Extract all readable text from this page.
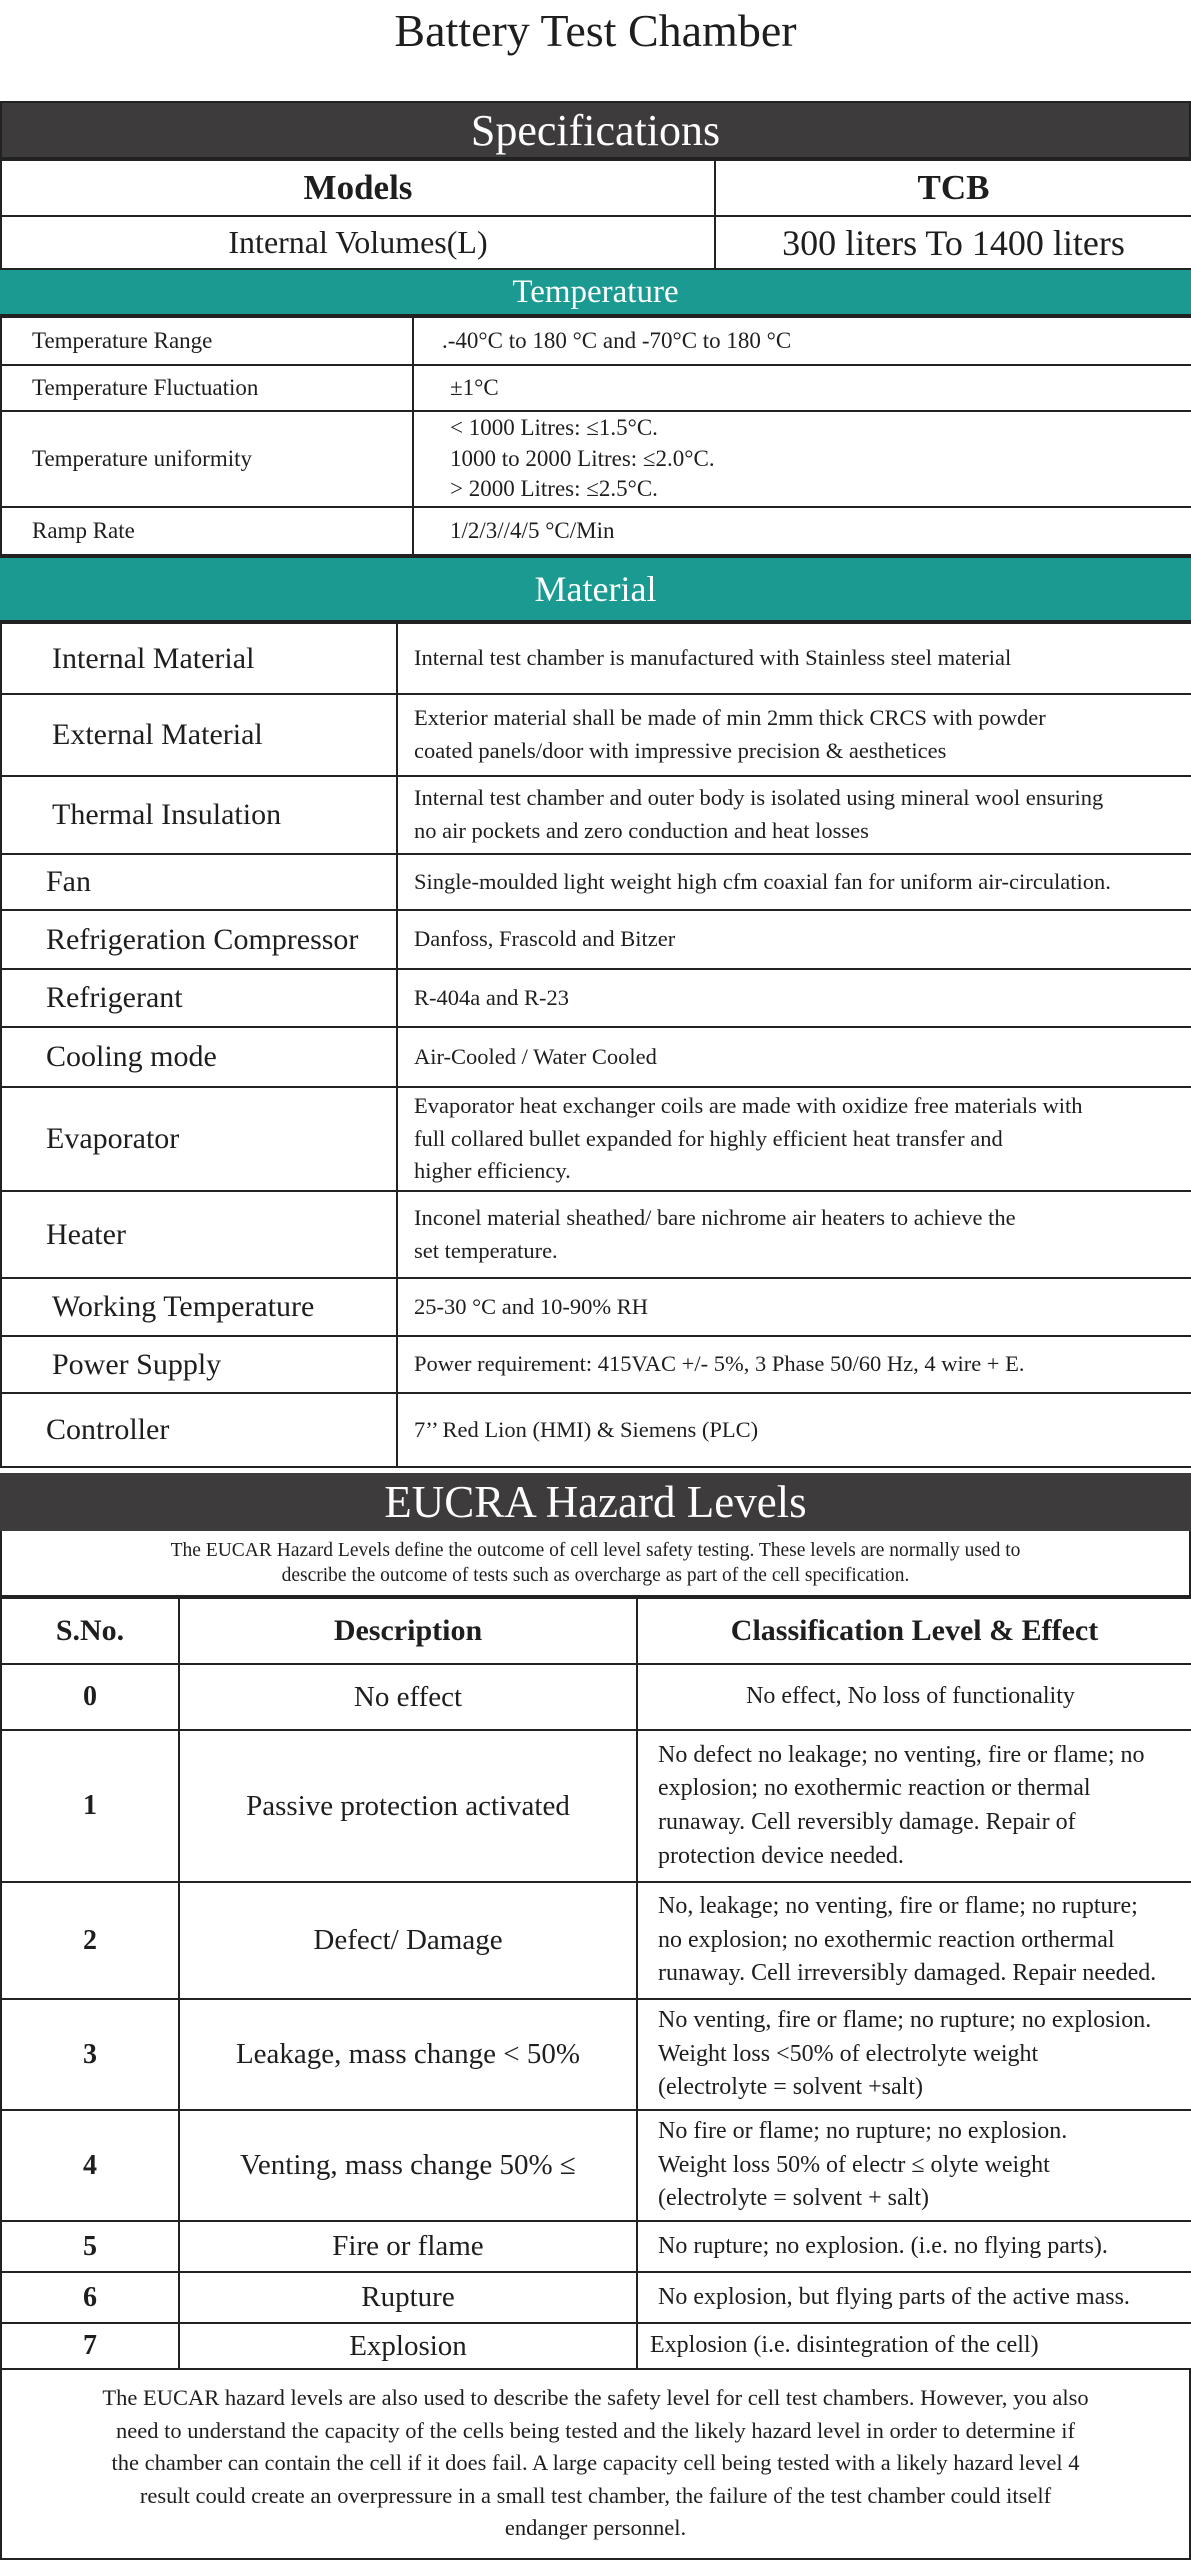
Battery Test Chamber
Specifications
Models	TCB
Internal Volumes(L)	300 liters To 1400 liters
Temperature
Temperature Range	.-40°C to 180 °C and -70°C to 180 °C
Temperature Fluctuation	±1°C
Temperature uniformity	< 1000 Litres: ≤1.5°C.
1000 to 2000 Litres: ≤2.0°C.
> 2000 Litres: ≤2.5°C.

Ramp Rate	1/2/3//4/5 °C/Min
Material
Internal Material	Internal test chamber is manufactured with Stainless steel material

External Material	Exterior material shall be made of min 2mm thick CRCS with powder
coated panels/door with impressive precision & aesthetices

Thermal Insulation	Internal test chamber and outer body is isolated using mineral wool ensuring
no air pockets and zero conduction and heat losses

Fan	Single-moulded light weight high cfm coaxial fan for uniform air-circulation.

Refrigeration Compressor	Danfoss, Frascold and Bitzer

Refrigerant	R-404a and R-23

Cooling mode	Air-Cooled / Water Cooled

Evaporator	Evaporator heat exchanger coils are made with oxidize free materials with
full collared bullet expanded for highly efficient heat transfer and
higher efficiency.

Heater	Inconel material sheathed/ bare nichrome air heaters to achieve the
set temperature.

Working Temperature	25-30 °C and 10-90% RH

Power Supply	Power requirement: 415VAC +/- 5%, 3 Phase 50/60 Hz, 4 wire + E.

Controller	7’’ Red Lion (HMI) & Siemens (PLC)
EUCRA Hazard Levels
The EUCAR Hazard Levels define the outcome of cell level safety testing. These levels are normally used to
describe the outcome of tests such as overcharge as part of the cell specification.
S.No.	Description	Classification Level & Effect
0	No effect	No effect, No loss of functionality

1	Passive protection activated	No defect no leakage; no venting, fire or flame; no
explosion; no exothermic reaction or thermal
runaway. Cell reversibly damage. Repair of
protection device needed.

2	Defect/ Damage	No, leakage; no venting, fire or flame; no rupture;
no explosion; no exothermic reaction orthermal
runaway. Cell irreversibly damaged. Repair needed.

3	Leakage, mass change < 50%	No venting, fire or flame; no rupture; no explosion.
Weight loss <50% of electrolyte weight
(electrolyte = solvent +salt)

4	Venting, mass change 50% ≤	No fire or flame; no rupture; no explosion.
Weight loss 50% of electr ≤ olyte weight
(electrolyte = solvent + salt)

5	Fire or flame	No rupture; no explosion. (i.e. no flying parts).

6	Rupture	No explosion, but flying parts of the active mass.

7	Explosion	Explosion (i.e. disintegration of the cell)
The EUCAR hazard levels are also used to describe the safety level for cell test chambers. However, you also
need to understand the capacity of the cells being tested and the likely hazard level in order to determine if
the chamber can contain the cell if it does fail. A large capacity cell being tested with a likely hazard level 4
result could create an overpressure in a small test chamber, the failure of the test chamber could itself
endanger personnel.
